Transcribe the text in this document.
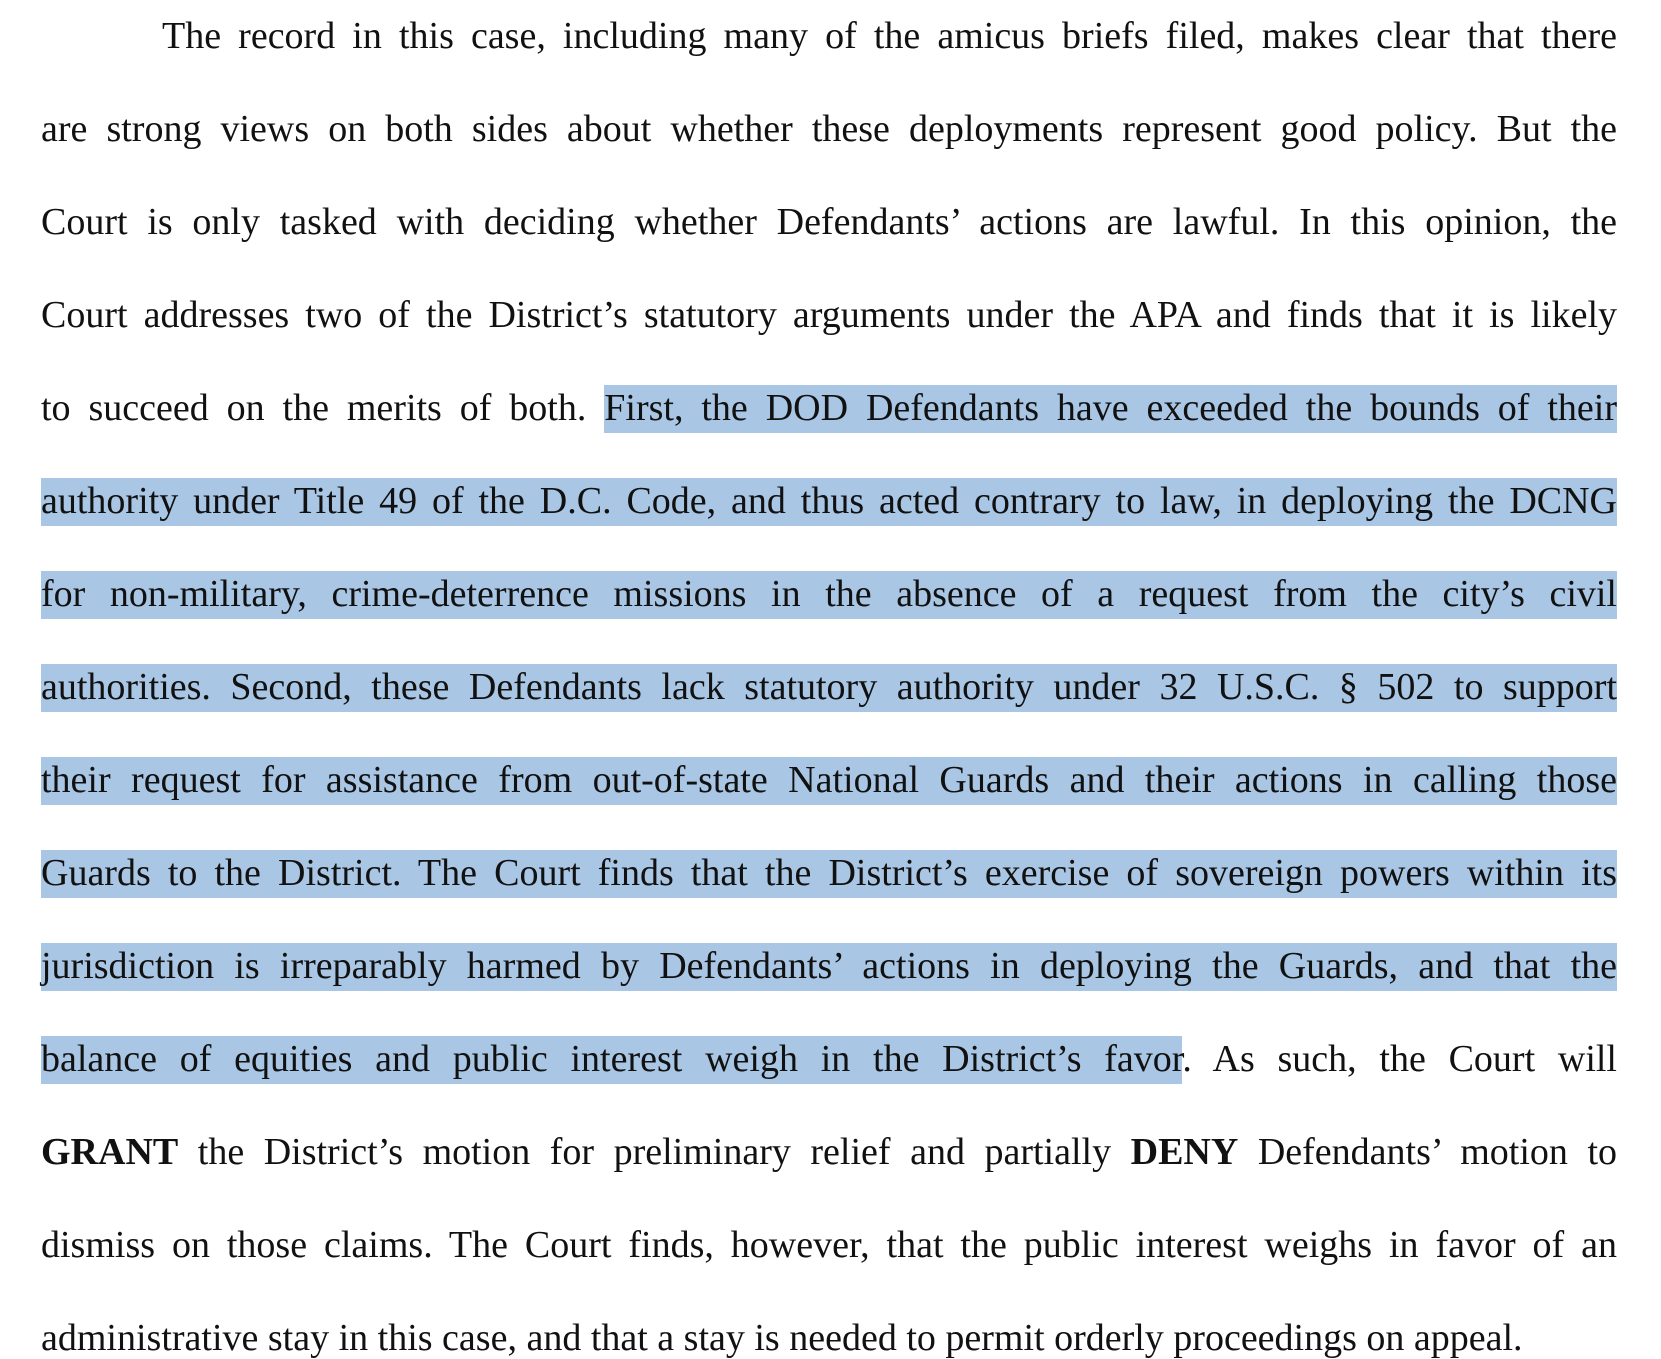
The record in this case, including many of the amicus briefs filed, makes clear that there
are strong views on both sides about whether these deployments represent good policy. But the
Court is only tasked with deciding whether Defendants’ actions are lawful. In this opinion, the
Court addresses two of the District’s statutory arguments under the APA and finds that it is likely
to succeed on the merits of both. First, the DOD Defendants have exceeded the bounds of their
authority under Title 49 of the D.C. Code, and thus acted contrary to law, in deploying the DCNG
for non-military, crime-deterrence missions in the absence of a request from the city’s civil
authorities. Second, these Defendants lack statutory authority under 32 U.S.C. § 502 to support
their request for assistance from out-of-state National Guards and their actions in calling those
Guards to the District. The Court finds that the District’s exercise of sovereign powers within its
jurisdiction is irreparably harmed by Defendants’ actions in deploying the Guards, and that the
balance of equities and public interest weigh in the District’s favor. As such, the Court will
GRANT the District’s motion for preliminary relief and partially DENY Defendants’ motion to
dismiss on those claims. The Court finds, however, that the public interest weighs in favor of an
administrative stay in this case, and that a stay is needed to permit orderly proceedings on appeal.
